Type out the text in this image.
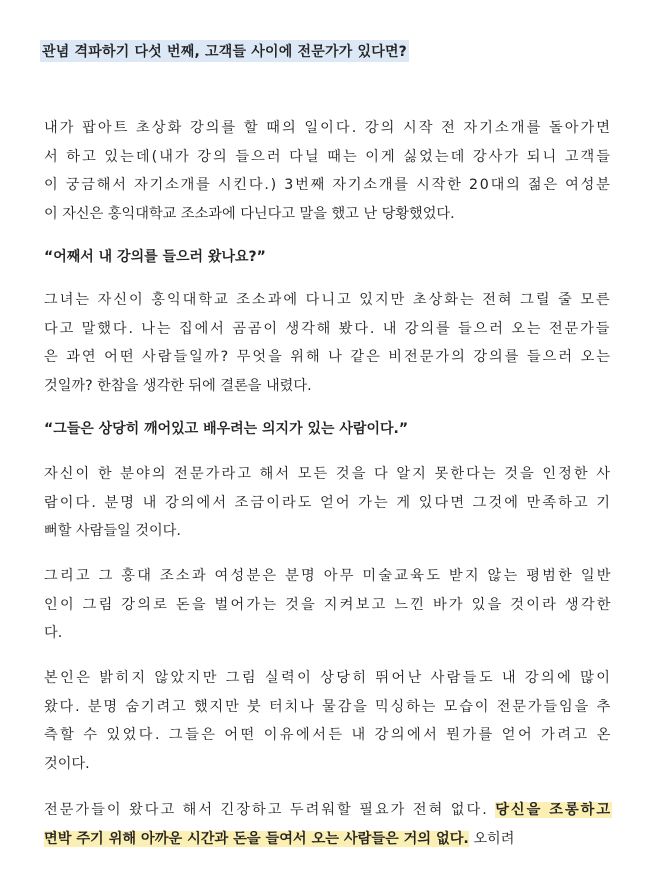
관념 격파하기 다섯 번째, 고객들 사이에 전문가가 있다면?
내가 팝아트 초상화 강의를 할 때의 일이다. 강의 시작 전 자기소개를 돌아가면
서 하고 있는데(내가 강의 들으러 다닐 때는 이게 싫었는데 강사가 되니 고객들
이 궁금해서 자기소개를 시킨다.) 3번째 자기소개를 시작한 20대의 젊은 여성분
이 자신은 홍익대학교 조소과에 다닌다고 말을 했고 난 당황했었다.
“어째서 내 강의를 들으러 왔나요?”
그녀는 자신이 홍익대학교 조소과에 다니고 있지만 초상화는 전혀 그릴 줄 모른
다고 말했다. 나는 집에서 곰곰이 생각해 봤다. 내 강의를 들으러 오는 전문가들
은 과연 어떤 사람들일까? 무엇을 위해 나 같은 비전문가의 강의를 들으러 오는
것일까? 한참을 생각한 뒤에 결론을 내렸다.
“그들은 상당히 깨어있고 배우려는 의지가 있는 사람이다.”
자신이 한 분야의 전문가라고 해서 모든 것을 다 알지 못한다는 것을 인정한 사
람이다. 분명 내 강의에서 조금이라도 얻어 가는 게 있다면 그것에 만족하고 기
뻐할 사람들일 것이다.
그리고 그 홍대 조소과 여성분은 분명 아무 미술교육도 받지 않는 평범한 일반
인이 그림 강의로 돈을 벌어가는 것을 지켜보고 느낀 바가 있을 것이라 생각한
다.
본인은 밝히지 않았지만 그림 실력이 상당히 뛰어난 사람들도 내 강의에 많이
왔다. 분명 숨기려고 했지만 붓 터치나 물감을 믹싱하는 모습이 전문가들임을 추
측할 수 있었다. 그들은 어떤 이유에서든 내 강의에서 뭔가를 얻어 가려고 온
것이다.
전문가들이 왔다고 해서 긴장하고 두려워할 필요가 전혀 없다. 당신을 조롱하고
면박 주기 위해 아까운 시간과 돈을 들여서 오는 사람들은 거의 없다. 오히려
